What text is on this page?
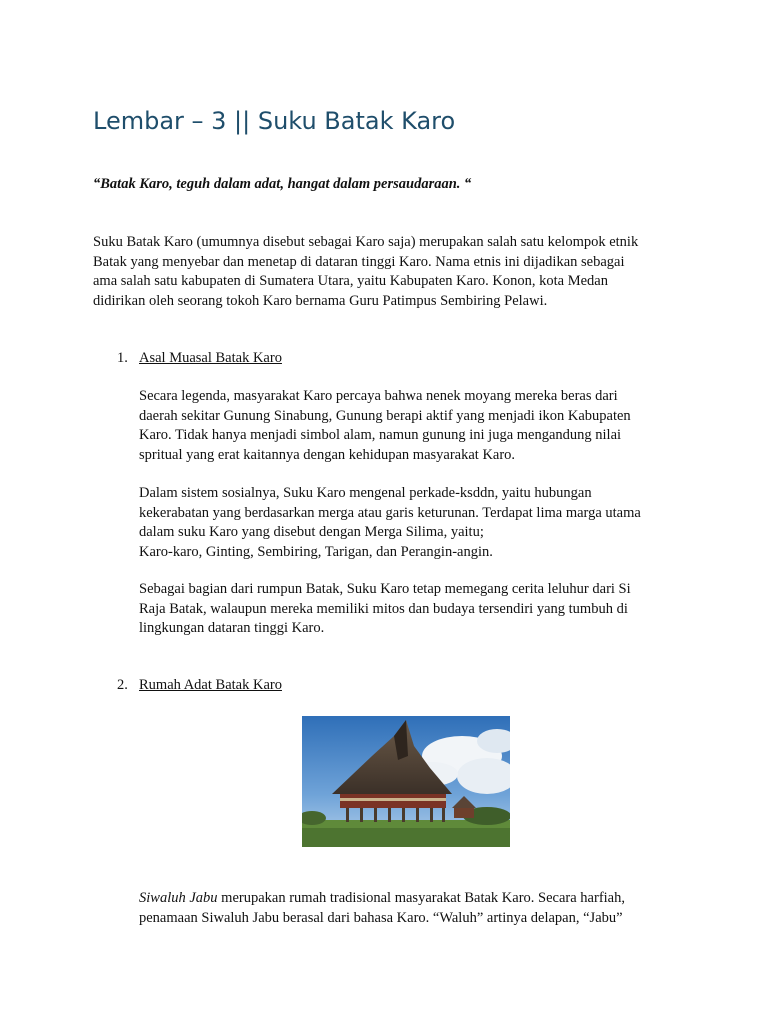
Lembar – 3 || Suku Batak Karo

“Batak Karo, teguh dalam adat, hangat dalam persaudaraan. “

Suku Batak Karo (umumnya disebut sebagai Karo saja) merupakan salah satu kelompok etnik
Batak yang menyebar dan menetap di dataran tinggi Karo. Nama etnis ini dijadikan sebagai
ama salah satu kabupaten di Sumatera Utara, yaitu Kabupaten Karo. Konon, kota Medan
didirikan oleh seorang tokoh Karo bernama Guru Patimpus Sembiring Pelawi.

1. Asal Muasal Batak Karo

Secara legenda, masyarakat Karo percaya bahwa nenek moyang mereka beras dari
daerah sekitar Gunung Sinabung, Gunung berapi aktif yang menjadi ikon Kabupaten
Karo. Tidak hanya menjadi simbol alam, namun gunung ini juga mengandung nilai
spritual yang erat kaitannya dengan kehidupan masyarakat Karo.

Dalam sistem sosialnya, Suku Karo mengenal perkade-ksddn, yaitu hubungan
kekerabatan yang berdasarkan merga atau garis keturunan. Terdapat lima marga utama
dalam suku Karo yang disebut dengan Merga Silima, yaitu;
Karo-karo, Ginting, Sembiring, Tarigan, dan Perangin-angin.

Sebagai bagian dari rumpun Batak, Suku Karo tetap memegang cerita leluhur dari Si
Raja Batak, walaupun mereka memiliki mitos dan budaya tersendiri yang tumbuh di
lingkungan dataran tinggi Karo.

2. Rumah Adat Batak Karo

Siwaluh Jabu merupakan rumah tradisional masyarakat Batak Karo. Secara harfiah,
penamaan Siwaluh Jabu berasal dari bahasa Karo. “Waluh” artinya delapan, “Jabu”
